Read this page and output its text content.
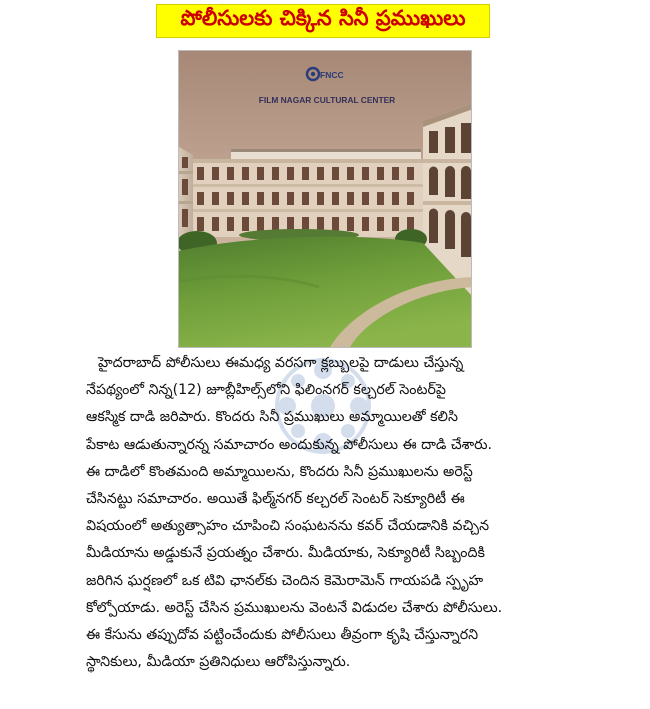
పోలీసులకు చిక్కిన సినీ ప్రముఖులు
FNCC
FILM NAGAR CULTURAL CENTER
హైదరాబాద్ పోలీసులు ఈమధ్య వరసగా క్లబ్బులపై దాడులు చేస్తున్న
నేపథ్యంలో నిన్న(12) జూబ్లీహిల్స్‌లోని ఫిలింనగర్ కల్చరల్ సెంటర్‌పై
ఆకస్మిక దాడి జరిపారు. కొందరు సినీ ప్రముఖులు అమ్మాయిలతో కలిసి
పేకాట ఆడుతున్నారన్న సమాచారం అందుకున్న పోలీసులు ఈ దాడి చేశారు.
ఈ దాడిలో కొంతమంది అమ్మాయిలను, కొందరు సినీ ప్రముఖులను అరెస్ట్
చేసినట్టు సమాచారం. అయితే ఫిల్మ్‌నగర్ కల్చరల్ సెంటర్ సెక్యూరిటీ ఈ
విషయంలో అత్యుత్సాహం చూపించి సంఘటనను కవర్ చేయడానికి వచ్చిన
మీడియాను అడ్డుకునే ప్రయత్నం చేశారు. మీడియాకు, సెక్యూరిటీ సిబ్బందికి
జరిగిన ఘర్షణలో ఒక టివి ఛానల్‌కు చెందిన కెమెరామెన్ గాయపడి స్పృహ
కోల్పోయాడు. అరెస్ట్ చేసిన ప్రముఖులను వెంటనే విడుదల చేశారు పోలీసులు.
ఈ కేసును తప్పుదోవ పట్టించేందుకు పోలీసులు తీవ్రంగా కృషి చేస్తున్నారని
స్థానికులు, మీడియా ప్రతినిధులు ఆరోపిస్తున్నారు.
